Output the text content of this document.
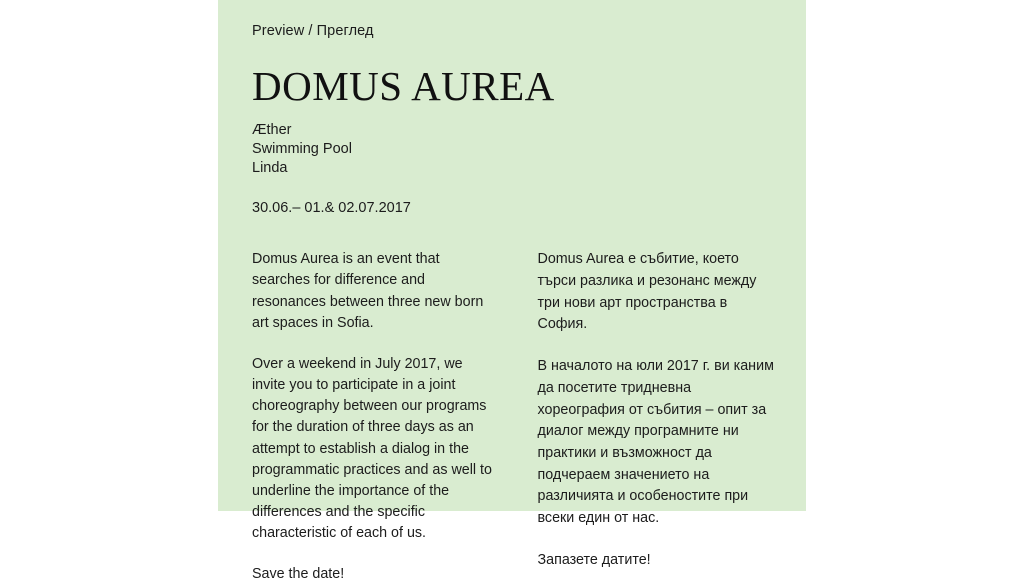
Preview / Преглед
DOMUS AUREA
Æther
Swimming Pool
Linda
30.06.– 01.& 02.07.2017

Domus Aurea is an event that searches for difference and resonances between three new born art spaces in Sofia.

Over a weekend in July 2017, we invite you to participate in a joint choreography between our programs for the duration of three days as an attempt to establish a dialog in the programmatic practices and as well to underline the importance of the differences and the specific characteristic of each of us.

Save the date!

Domus Aurea е събитие, което търси разлика и резонанс между три нови арт пространства в София.

В началото на юли 2017 г. ви каним да посетите триднeвна хореография от събития – опит за диалог между програмните ни практики и възможност да подчераем значението на различията и особеностите при всеки един от нас.

Запазете датите!
